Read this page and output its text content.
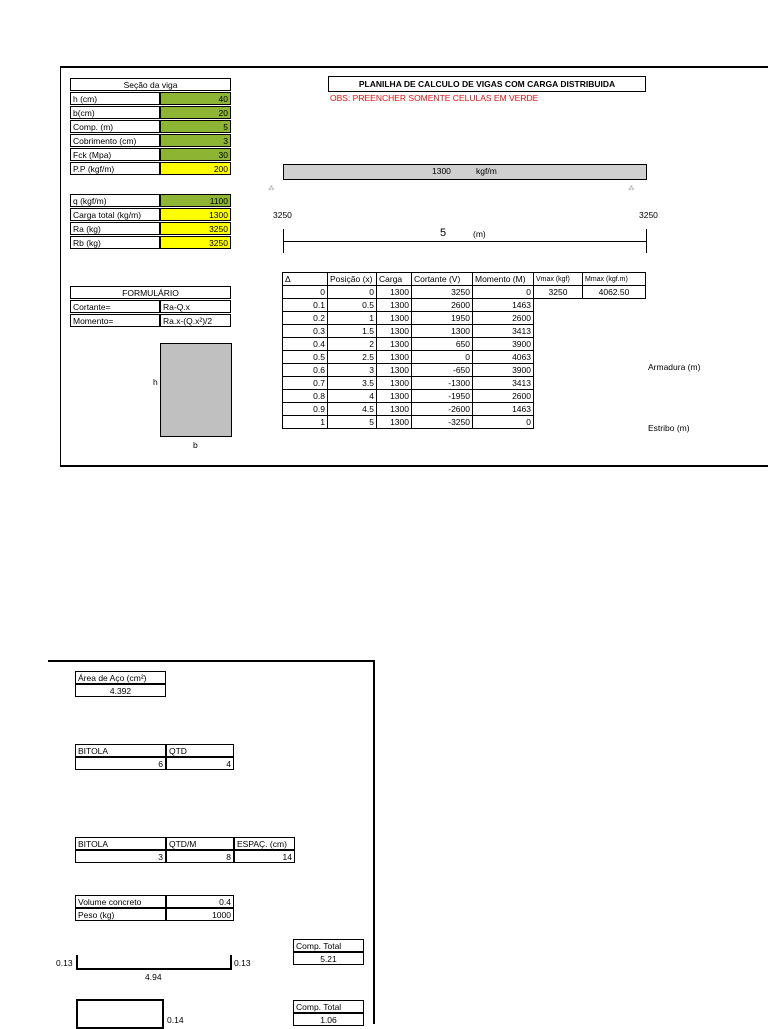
Seção da viga
h (cm)	40
b(cm)	20
Comp. (m)	5
Cobrimento (cm)	3
Fck (Mpa)	30
P.P (kgf/m)	200
q (kgf/m)	1100
Carga total (kg/m)	1300
Ra (kg)	3250
Rb (kg)	3250
PLANILHA DE CALCULO DE VIGAS COM CARGA DISTRIBUIDA
OBS: PREENCHER SOMENTE CELULAS EM VERDE
1300	kgf/m
⁂	⁂
3250	3250
5	(m)
FORMULÁRIO
Cortante=	Ra-Q.x
Momento=	Ra.x-(Q.x²)/2
h
b
Δ	Posição (x)	Carga	Cortante (V)	Momento (M)	Vmax (kgf)	Mmax (kgf.m)
0	0	1300	3250	0	3250	4062.50
0.1	0.5	1300	2600	1463		
0.2	1	1300	1950	2600		
0.3	1.5	1300	1300	3413		
0.4	2	1300	650	3900		
0.5	2.5	1300	0	4063		
0.6	3	1300	-650	3900		
0.7	3.5	1300	-1300	3413		
0.8	4	1300	-1950	2600		
0.9	4.5	1300	-2600	1463		
1	5	1300	-3250	0		
Armadura (m)
Estribo (m)
Área de Aço (cm²)
4.392
BITOLA	QTD
6	4
BITOLA	QTD/M	ESPAÇ. (cm)
3	8	14
Volume concreto	0.4
Peso (kg)	1000
0.13	0.13
4.94
Comp. Total
5.21
0.14
Comp. Total
1.06
